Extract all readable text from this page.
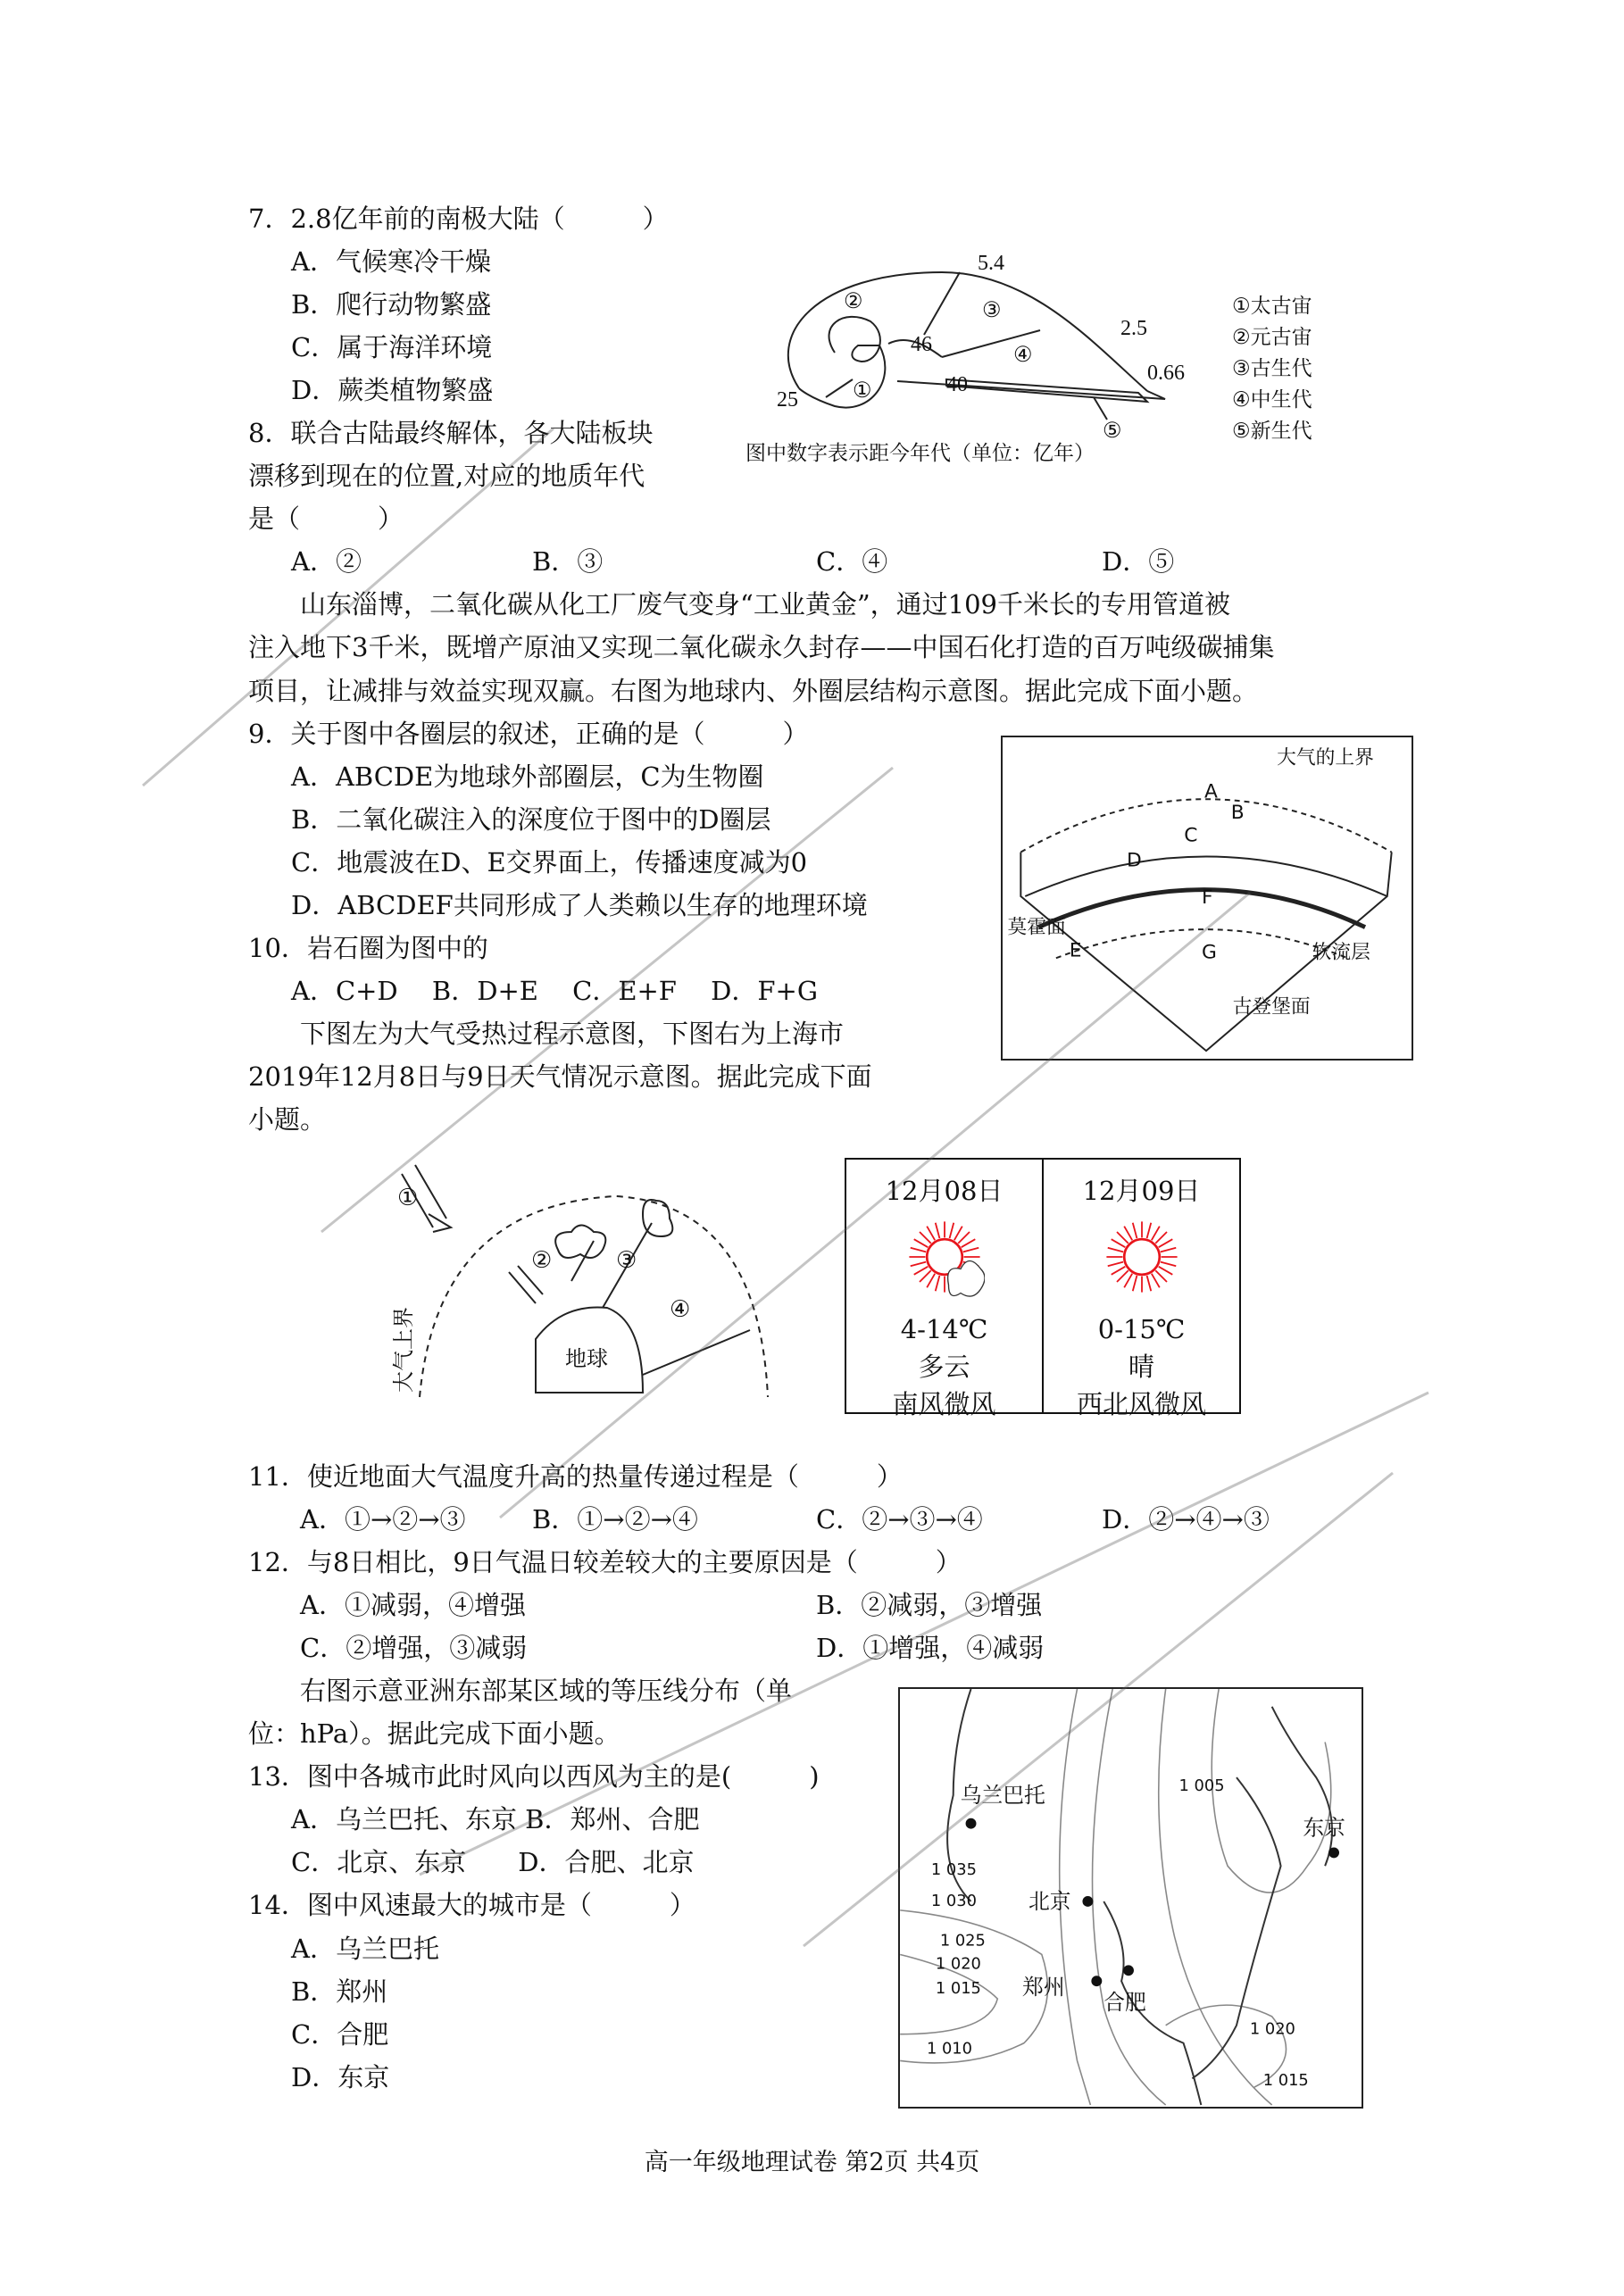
7．2.8亿年前的南极大陆（　　　）
A．气候寒冷干燥
B．爬行动物繁盛
C．属于海洋环境
D．蕨类植物繁盛
8．联合古陆最终解体，各大陆板块
漂移到现在的位置,对应的地质年代
是（　　　）
A．②	B．③	C．④	D．⑤
山东淄博，二氧化碳从化工厂废气变身“工业黄金”，通过109千米长的专用管道被
注入地下3千米，既增产原油又实现二氧化碳永久封存——中国石化打造的百万吨级碳捕集
项目，让减排与效益实现双赢。右图为地球内、外圈层结构示意图。据此完成下面小题。
9．关于图中各圈层的叙述，正确的是（　　　）
A．ABCDE为地球外部圈层，C为生物圈
B．二氧化碳注入的深度位于图中的D圈层
C．地震波在D、E交界面上，传播速度减为0
D．ABCDEF共同形成了人类赖以生存的地理环境
10．岩石圈为图中的
A．C+D　 B．D+E　 C．E+F　 D．F+G
下图左为大气受热过程示意图，下图右为上海市
2019年12月8日与9日天气情况示意图。据此完成下面
小题。
11．使近地面大气温度升高的热量传递过程是（　　　）
A．①→②→③	B．①→②→④	C．②→③→④	D．②→④→③
12．与8日相比，9日气温日较差较大的主要原因是（　　　）
A．①减弱，④增强	B．②减弱，③增强
C．②增强，③减弱	D．①增强，④减弱
右图示意亚洲东部某区域的等压线分布（单
位：hPa）。据此完成下面小题。
13．图中各城市此时风向以西风为主的是(　　　)
A．乌兰巴托、东京 B．郑州、合肥
C．北京、东京　　D．合肥、北京
14．图中风速最大的城市是（　　　）
A．乌兰巴托
B．郑州
C．合肥
D．东京
5.4
2.5
0.66
46
40
25
②	③
④
①
⑤
①太古宙
②元古宙
③古生代
④中生代
⑤新生代
图中数字表示距今年代（单位：亿年）
大气的上界
A
B
C
D
F
莫霍面
E	G	软流层
古登堡面
大气上界	地球
①
②	③
④
12月08日
4-14℃
多云
南风微风
12月09日
0-15℃
晴
西北风微风
1 005
1 035
1 030
1 025
1 020
1 015
1 010
1 020
1 015
乌兰巴托
北京
郑州
合肥
东京
高一年级地理试卷 第2页 共4页
